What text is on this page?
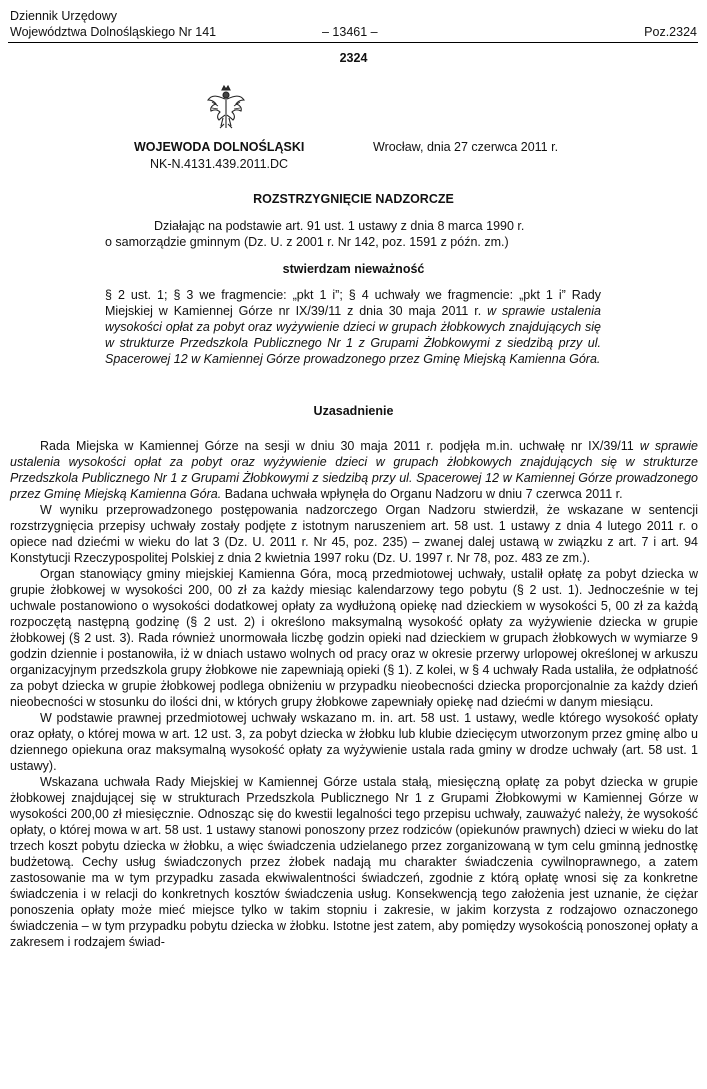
Dziennik Urzędowy
Województwa Dolnośląskiego Nr 141	– 13461 –	Poz.2324
2324
WOJEWODA DOLNOŚLĄSKI
NK-N.4131.439.2011.DC
Wrocław, dnia 27 czerwca 2011 r.
ROZSTRZYGNIĘCIE NADZORCZE
Działając na podstawie art. 91 ust. 1 ustawy z dnia 8 marca 1990 r.
o samorządzie gminnym (Dz. U. z 2001 r. Nr 142, poz. 1591 z późn. zm.)
stwierdzam nieważność
§ 2 ust. 1; § 3 we fragmencie: „pkt 1 i”; § 4 uchwały we fragmencie: „pkt 1 i” Rady Miejskiej w Kamiennej Górze nr IX/39/11 z dnia 30 maja 2011 r. w sprawie ustalenia wysokości opłat za pobyt oraz wyżywienie dzieci w grupach żłobkowych znajdujących się w strukturze Przedszkola Publicznego Nr 1 z Grupami Żłobkowymi z siedzibą przy ul. Spacerowej 12 w Kamiennej Górze prowadzonego przez Gminę Miejską Kamienna Góra.
Uzasadnienie

Rada Miejska w Kamiennej Górze na sesji w dniu 30 maja 2011 r. podjęła m.in. uchwałę nr IX/39/11 w sprawie ustalenia wysokości opłat za pobyt oraz wyżywienie dzieci w grupach żłobkowych znajdujących się w strukturze Przedszkola Publicznego Nr 1 z Grupami Żłobkowymi z siedzibą przy ul. Spacerowej 12 w Kamiennej Górze prowadzonego przez Gminę Miejską Kamienna Góra. Badana uchwała wpłynęła do Organu Nadzoru w dniu 7 czerwca 2011 r.

W wyniku przeprowadzonego postępowania nadzorczego Organ Nadzoru stwierdził, że wskazane w sentencji rozstrzygnięcia przepisy uchwały zostały podjęte z istotnym naruszeniem art. 58 ust. 1 ustawy z dnia 4 lutego 2011 r. o opiece nad dziećmi w wieku do lat 3 (Dz. U. 2011 r. Nr 45, poz. 235) – zwanej dalej ustawą w związku z art. 7 i art. 94 Konstytucji Rzeczypospolitej Polskiej z dnia 2 kwietnia 1997 roku (Dz. U. 1997 r. Nr 78, poz. 483 ze zm.).

Organ stanowiący gminy miejskiej Kamienna Góra, mocą przedmiotowej uchwały, ustalił opłatę za pobyt dziecka w grupie żłobkowej w wysokości 200, 00 zł za każdy miesiąc kalendarzowy tego pobytu (§ 2 ust. 1). Jednocześnie w tej uchwale postanowiono o wysokości dodatkowej opłaty za wydłużoną opiekę nad dzieckiem w wysokości 5, 00 zł za każdą rozpoczętą następną godzinę (§ 2 ust. 2) i określono maksymalną wysokość opłaty za wyżywienie dziecka w grupie żłobkowej (§ 2 ust. 3). Rada również unormowała liczbę godzin opieki nad dzieckiem w grupach żłobkowych w wymiarze 9 godzin dziennie i postanowiła, iż w dniach ustawo wolnych od pracy oraz w okresie przerwy urlopowej określonej w arkuszu organizacyjnym przedszkola grupy żłobkowe nie zapewniają opieki (§ 1). Z kolei, w § 4 uchwały Rada ustaliła, że odpłatność za pobyt dziecka w grupie żłobkowej podlega obniżeniu w przypadku nieobecności dziecka proporcjonalnie za każdy dzień nieobecności w stosunku do ilości dni, w których grupy żłobkowe zapewniały opiekę nad dziećmi w danym miesiącu.

W podstawie prawnej przedmiotowej uchwały wskazano m. in. art. 58 ust. 1 ustawy, wedle którego wysokość opłaty oraz opłaty, o której mowa w art. 12 ust. 3, za pobyt dziecka w żłobku lub klubie dziecięcym utworzonym przez gminę albo u dziennego opiekuna oraz maksymalną wysokość opłaty za wyżywienie ustala rada gminy w drodze uchwały (art. 58 ust. 1 ustawy).

Wskazana uchwała Rady Miejskiej w Kamiennej Górze ustala stałą, miesięczną opłatę za pobyt dziecka w grupie żłobkowej znajdującej się w strukturach Przedszkola Publicznego Nr 1 z Grupami Żłobkowymi w Kamiennej Górze w wysokości 200,00 zł miesięcznie. Odnosząc się do kwestii legalności tego przepisu uchwały, zauważyć należy, że wysokość opłaty, o której mowa w art. 58 ust. 1 ustawy stanowi ponoszony przez rodziców (opiekunów prawnych) dzieci w wieku do lat trzech koszt pobytu dziecka w żłobku, a więc świadczenia udzielanego przez zorganizowaną w tym celu gminną jednostkę budżetową. Cechy usług świadczonych przez żłobek nadają mu charakter świadczenia cywilnoprawnego, a zatem zastosowanie ma w tym przypadku zasada ekwiwalentności świadczeń, zgodnie z którą opłatę wnosi się za konkretne świadczenia i w relacji do konkretnych kosztów świadczenia usług. Konsekwencją tego założenia jest uznanie, że ciężar ponoszenia opłaty może mieć miejsce tylko w takim stopniu i zakresie, w jakim korzysta z rodzajowo oznaczonego świadczenia – w tym przypadku pobytu dziecka w żłobku. Istotne jest zatem, aby pomiędzy wysokością ponoszonej opłaty a zakresem i rodzajem świad-
